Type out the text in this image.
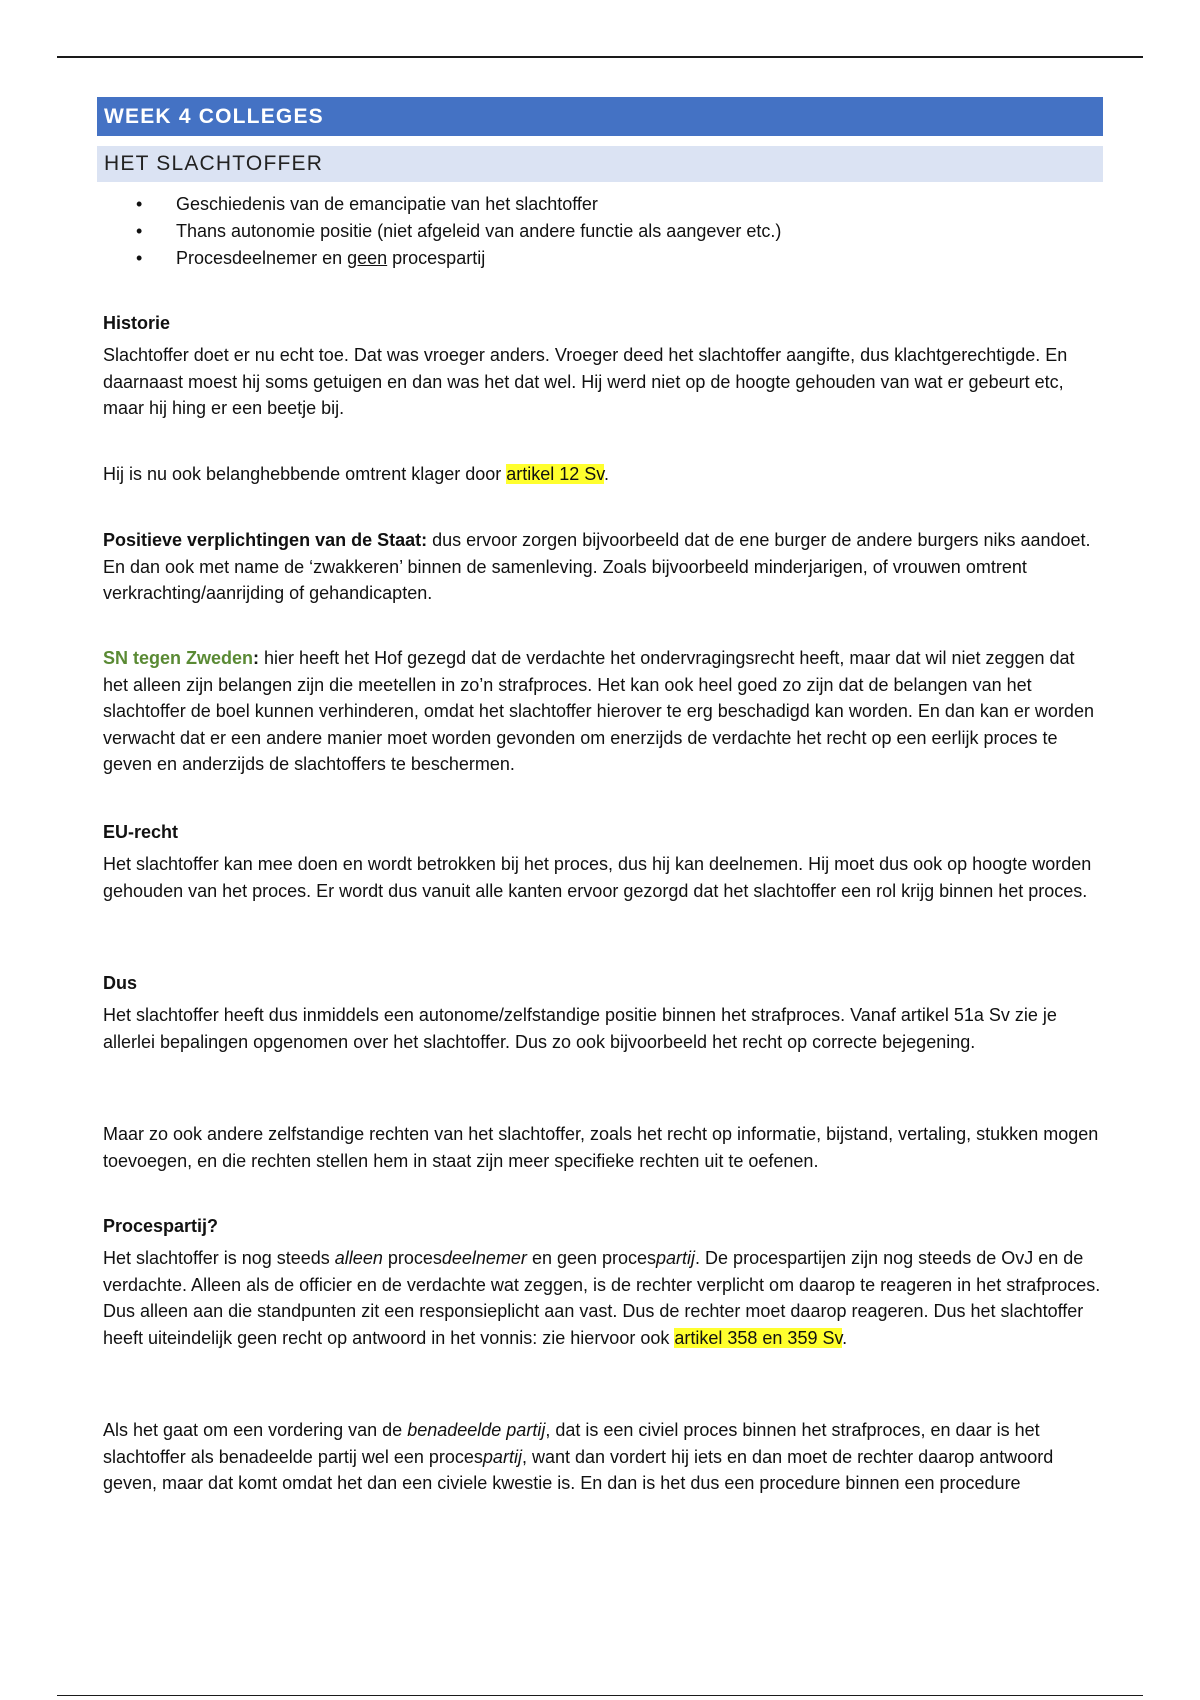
WEEK 4 COLLEGES
HET SLACHTOFFER
• Geschiedenis van de emancipatie van het slachtoffer
• Thans autonomie positie (niet afgeleid van andere functie als aangever etc.)
• Procesdeelnemer en geen procespartij

Historie

Slachtoffer doet er nu echt toe. Dat was vroeger anders. Vroeger deed het slachtoffer aangifte, dus klachtgerechtigde. En daarnaast moest hij soms getuigen en dan was het dat wel. Hij werd niet op de hoogte gehouden van wat er gebeurt etc, maar hij hing er een beetje bij.

Hij is nu ook belanghebbende omtrent klager door artikel 12 Sv.

Positieve verplichtingen van de Staat: dus ervoor zorgen bijvoorbeeld dat de ene burger de andere burgers niks aandoet. En dan ook met name de ‘zwakkeren’ binnen de samenleving. Zoals bijvoorbeeld minderjarigen, of vrouwen omtrent verkrachting/aanrijding of gehandicapten.

SN tegen Zweden: hier heeft het Hof gezegd dat de verdachte het ondervragingsrecht heeft, maar dat wil niet zeggen dat het alleen zijn belangen zijn die meetellen in zo’n strafproces. Het kan ook heel goed zo zijn dat de belangen van het slachtoffer de boel kunnen verhinderen, omdat het slachtoffer hierover te erg beschadigd kan worden. En dan kan er worden verwacht dat er een andere manier moet worden gevonden om enerzijds de verdachte het recht op een eerlijk proces te geven en anderzijds de slachtoffers te beschermen.

EU-recht

Het slachtoffer kan mee doen en wordt betrokken bij het proces, dus hij kan deelnemen. Hij moet dus ook op hoogte worden gehouden van het proces. Er wordt dus vanuit alle kanten ervoor gezorgd dat het slachtoffer een rol krijg binnen het proces.

Dus

Het slachtoffer heeft dus inmiddels een autonome/zelfstandige positie binnen het strafproces. Vanaf artikel 51a Sv zie je allerlei bepalingen opgenomen over het slachtoffer. Dus zo ook bijvoorbeeld het recht op correcte bejegening.

Maar zo ook andere zelfstandige rechten van het slachtoffer, zoals het recht op informatie, bijstand, vertaling, stukken mogen toevoegen, en die rechten stellen hem in staat zijn meer specifieke rechten uit te oefenen.

Procespartij?

Het slachtoffer is nog steeds alleen procesdeelnemer en geen procespartij. De procespartijen zijn nog steeds de OvJ en de verdachte. Alleen als de officier en de verdachte wat zeggen, is de rechter verplicht om daarop te reageren in het strafproces. Dus alleen aan die standpunten zit een responsieplicht aan vast. Dus de rechter moet daarop reageren. Dus het slachtoffer heeft uiteindelijk geen recht op antwoord in het vonnis: zie hiervoor ook artikel 358 en 359 Sv.

Als het gaat om een vordering van de benadeelde partij, dat is een civiel proces binnen het strafproces, en daar is het slachtoffer als benadeelde partij wel een procespartij, want dan vordert hij iets en dan moet de rechter daarop antwoord geven, maar dat komt omdat het dan een civiele kwestie is. En dan is het dus een procedure binnen een procedure
